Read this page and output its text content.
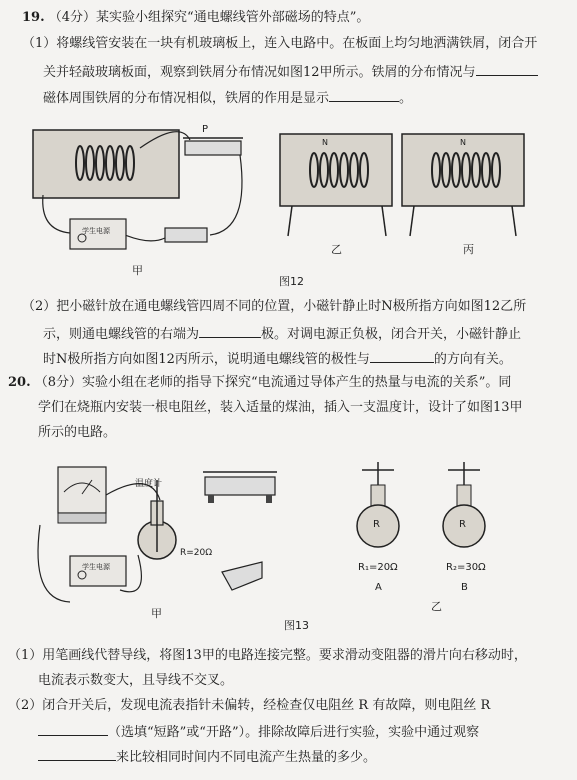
19. （4分）某实验小组探究“通电螺线管外部磁场的特点”。
（1）将螺线管安装在一块有机玻璃板上，连入电路中。在板面上均匀地洒满铁屑，闭合开
关并轻敲玻璃板面，观察到铁屑分布情况如图12甲所示。铁屑的分布情况与
磁体周围铁屑的分布情况相似，铁屑的作用是显示	。
P
学生电源
甲
乙	丙
图12
N	N
（2）把小磁针放在通电螺线管四周不同的位置，小磁针静止时N极所指方向如图12乙所
示，则通电螺线管的右端为	极。对调电源正负极，闭合开关，小磁针静止
时N极所指方向如图12丙所示，说明通电螺线管的极性与	的方向有关。
20. （8分）实验小组在老师的指导下探究“电流通过导体产生的热量与电流的关系”。同
学们在烧瓶内安装一根电阻丝，装入适量的煤油，插入一支温度计，设计了如图13甲
所示的电路。
温度计
学生电源
R=20Ω
甲
R	R
R₁=20Ω	R₂=30Ω
A	B
乙
图13
（1）用笔画线代替导线，将图13甲的电路连接完整。要求滑动变阻器的滑片向右移动时，
电流表示数变大，且导线不交叉。
（2）闭合开关后，发现电流表指针未偏转，经检查仅电阻丝 R 有故障，则电阻丝 R
（选填“短路”或“开路”）。排除故障后进行实验，实验中通过观察
来比较相同时间内不同电流产生热量的多少。
